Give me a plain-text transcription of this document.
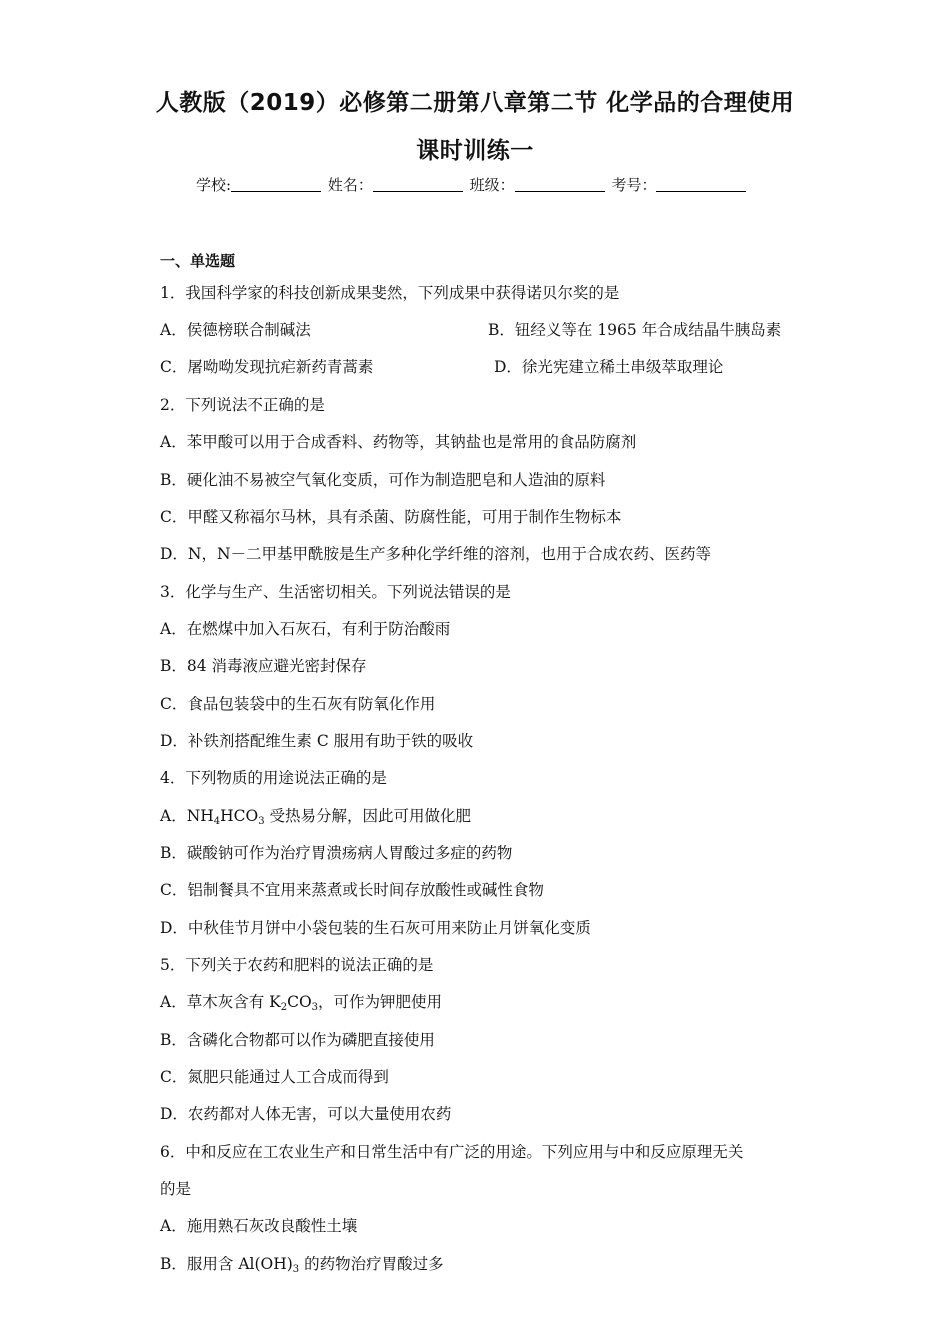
人教版（2019）必修第二册第八章第二节 化学品的合理使用
课时训练一
学校:	姓名：	班级：	考号：
一、单选题
1．我国科学家的科技创新成果斐然，下列成果中获得诺贝尔奖的是
A．侯德榜联合制碱法	B．钮经义等在 1965 年合成结晶牛胰岛素
C．屠呦呦发现抗疟新药青蒿素	D．徐光宪建立稀土串级萃取理论
2．下列说法不正确的是
A．苯甲酸可以用于合成香料、药物等，其钠盐也是常用的食品防腐剂
B．硬化油不易被空气氧化变质，可作为制造肥皂和人造油的原料
C．甲醛又称福尔马林，具有杀菌、防腐性能，可用于制作生物标本
D．N，N－二甲基甲酰胺是生产多种化学纤维的溶剂，也用于合成农药、医药等
3．化学与生产、生活密切相关。下列说法错误的是
A．在燃煤中加入石灰石，有利于防治酸雨
B．84 消毒液应避光密封保存
C．食品包装袋中的生石灰有防氧化作用
D．补铁剂搭配维生素 C 服用有助于铁的吸收
4．下列物质的用途说法正确的是
A．$NH_4HCO_3$ 受热易分解，因此可用做化肥
B．碳酸钠可作为治疗胃溃疡病人胃酸过多症的药物
C．铝制餐具不宜用来蒸煮或长时间存放酸性或碱性食物
D．中秋佳节月饼中小袋包装的生石灰可用来防止月饼氧化变质
5．下列关于农药和肥料的说法正确的是
A．草木灰含有 $K_2CO_3$，可作为钾肥使用
B．含磷化合物都可以作为磷肥直接使用
C．氮肥只能通过人工合成而得到
D．农药都对人体无害，可以大量使用农药
6．中和反应在工农业生产和日常生活中有广泛的用途。下列应用与中和反应原理无关
的是
A．施用熟石灰改良酸性土壤
B．服用含 $Al(OH)_3$ 的药物治疗胃酸过多
